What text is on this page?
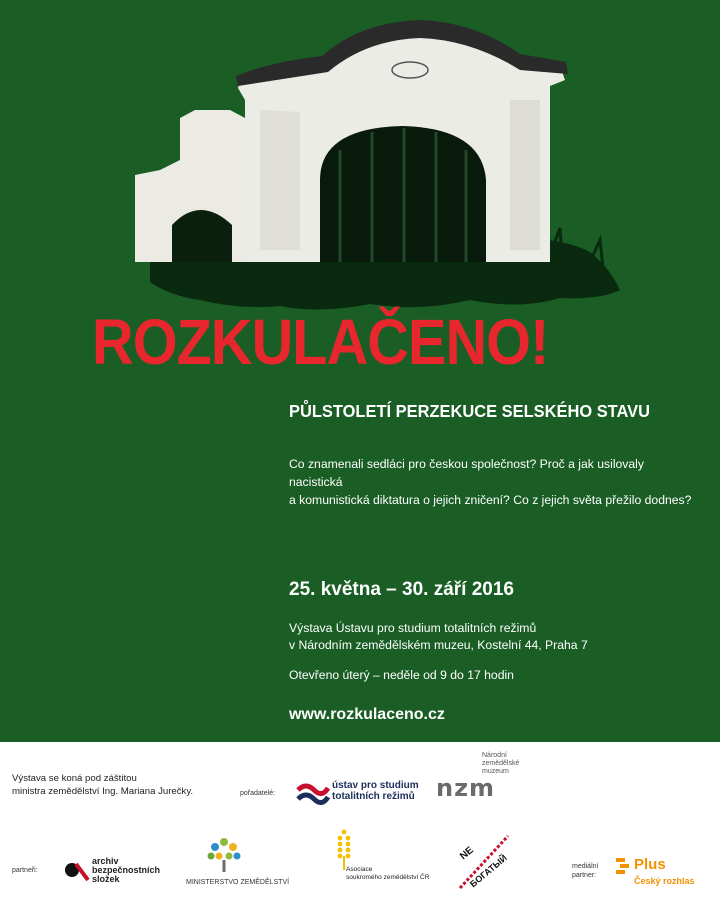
ROZKULAČENO!
PŮLSTOLETÍ PERZEKUCE SELSKÉHO STAVU
Co znamenali sedláci pro českou společnost? Proč a jak usilovaly nacistická
a komunistická diktatura o jejich zničení? Co z jejich světa přežilo dodnes?
25. května – 30. září 2016
Výstava Ústavu pro studium totalitních režimů
v Národním zemědělském muzeu, Kostelní 44, Praha 7
Otevřeno úterý – neděle od 9 do 17 hodin
www.rozkulaceno.cz
Výstava se koná pod záštitou
ministra zemědělství Ing. Mariana Jurečky.	pořadatelé:
ústav pro studium
totalitních režimů
Národní
zemědělské
muzeum
nzm
partneři:
archiv
bezpečnostních
složek	MINISTERSTVO ZEMĚDĚLSTVÍ
Asociace
soukromého zemědělství ČR
NE
БОГАТЫЙ	mediální
partner:
Plus
Český rozhlas
